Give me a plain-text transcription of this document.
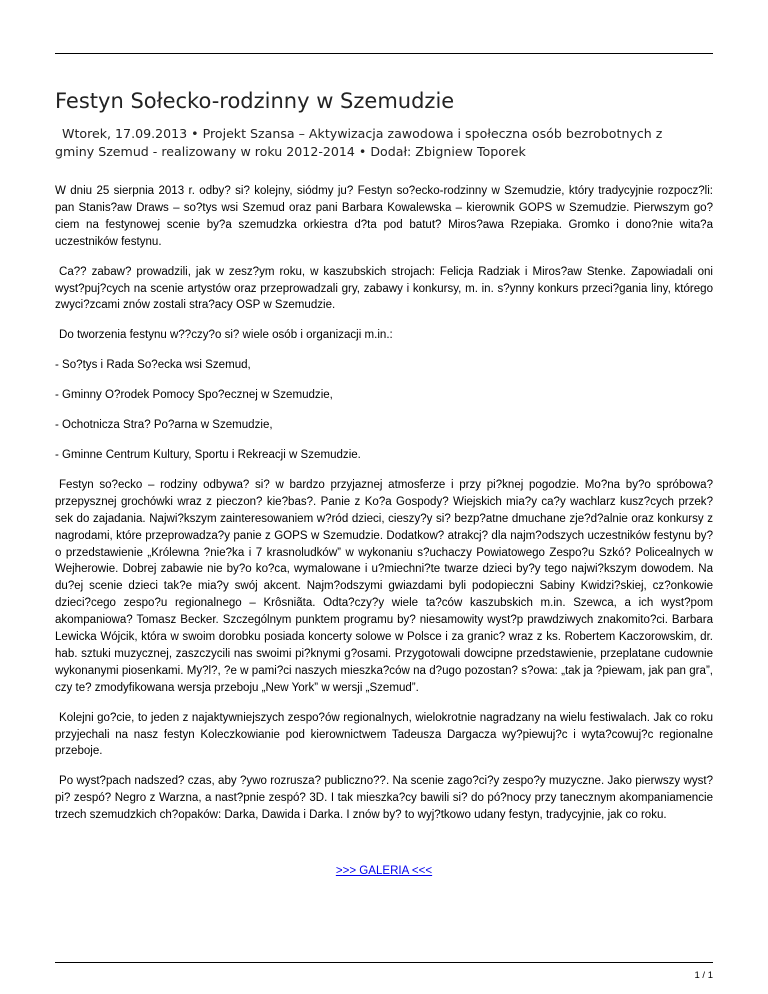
Festyn Sołecko-rodzinny w Szemudzie
Wtorek, 17.09.2013 • Projekt Szansa – Aktywizacja zawodowa i społeczna osób bezrobotnych z
gminy Szemud - realizowany w roku 2012-2014 • Dodał: Zbigniew Toporek

W dniu 25 sierpnia 2013 r. odby? si? kolejny, siódmy ju? Festyn so?ecko-rodzinny w Szemudzie, który tradycyjnie rozpocz?li: pan Stanis?aw Draws – so?tys wsi Szemud oraz pani Barbara Kowalewska – kierownik GOPS w Szemudzie. Pierwszym go?ciem na festynowej scenie by?a szemudzka orkiestra d?ta pod batut? Miros?awa Rzepiaka. Gromko i dono?nie wita?a uczestników festynu.

Ca?? zabaw? prowadzili, jak w zesz?ym roku, w kaszubskich strojach: Felicja Radziak i Miros?aw Stenke. Zapowiadali oni wyst?puj?cych na scenie artystów oraz przeprowadzali gry, zabawy i konkursy, m. in. s?ynny konkurs przeci?gania liny, którego zwyci?zcami znów zostali stra?acy OSP w Szemudzie.

Do tworzenia festynu w??czy?o si? wiele osób i organizacji m.in.:

- So?tys i Rada So?ecka wsi Szemud,

- Gminny O?rodek Pomocy Spo?ecznej w Szemudzie,

- Ochotnicza Stra? Po?arna w Szemudzie,

- Gminne Centrum Kultury, Sportu i Rekreacji w Szemudzie.

Festyn so?ecko – rodziny odbywa? si? w bardzo przyjaznej atmosferze i przy pi?knej pogodzie. Mo?na by?o spróbowa? przepysznej grochówki wraz z pieczon? kie?bas?. Panie z Ko?a Gospody? Wiejskich mia?y ca?y wachlarz kusz?cych przek?sek do zajadania. Najwi?kszym zainteresowaniem w?ród dzieci, cieszy?y si? bezp?atne dmuchane zje?d?alnie oraz konkursy z nagrodami, które przeprowadza?y panie z GOPS w Szemudzie. Dodatkow? atrakcj? dla najm?odszych uczestników festynu by?o przedstawienie „Królewna ?nie?ka i 7 krasnoludków” w wykonaniu s?uchaczy Powiatowego Zespo?u Szkó? Policealnych w Wejherowie. Dobrej zabawie nie by?o ko?ca, wymalowane i u?miechni?te twarze dzieci by?y tego najwi?kszym dowodem. Na du?ej scenie dzieci tak?e mia?y swój akcent. Najm?odszymi gwiazdami byli podopieczni Sabiny Kwidzi?skiej, cz?onkowie dzieci?cego zespo?u regionalnego – Krôsniãta. Odta?czy?y wiele ta?ców kaszubskich m.in. Szewca, a ich wyst?pom akompaniowa? Tomasz Becker. Szczególnym punktem programu by? niesamowity wyst?p prawdziwych znakomito?ci. Barbara Lewicka Wójcik, która w swoim dorobku posiada koncerty solowe w Polsce i za granic? wraz z ks. Robertem Kaczorowskim, dr. hab. sztuki muzycznej, zaszczycili nas swoimi pi?knymi g?osami. Przygotowali dowcipne przedstawienie, przeplatane cudownie wykonanymi piosenkami. My?l?, ?e w pami?ci naszych mieszka?ców na d?ugo pozostan? s?owa: „tak ja ?piewam, jak pan gra”, czy te? zmodyfikowana wersja przeboju „New York” w wersji „Szemud”.

Kolejni go?cie, to jeden z najaktywniejszych zespo?ów regionalnych, wielokrotnie nagradzany na wielu festiwalach. Jak co roku przyjechali na nasz festyn Koleczkowianie pod kierownictwem Tadeusza Dargacza wy?piewuj?c i wyta?cowuj?c regionalne przeboje.

Po wyst?pach nadszed? czas, aby ?ywo rozrusza? publiczno??. Na scenie zago?ci?y zespo?y muzyczne. Jako pierwszy wyst?pi? zespó? Negro z Warzna, a nast?pnie zespó? 3D. I tak mieszka?cy bawili si? do pó?nocy przy tanecznym akompaniamencie trzech szemudzkich ch?opaków: Darka, Dawida i Darka. I znów by? to wyj?tkowo udany festyn, tradycyjnie, jak co roku.

>>> GALERIA <<<
1 / 1
